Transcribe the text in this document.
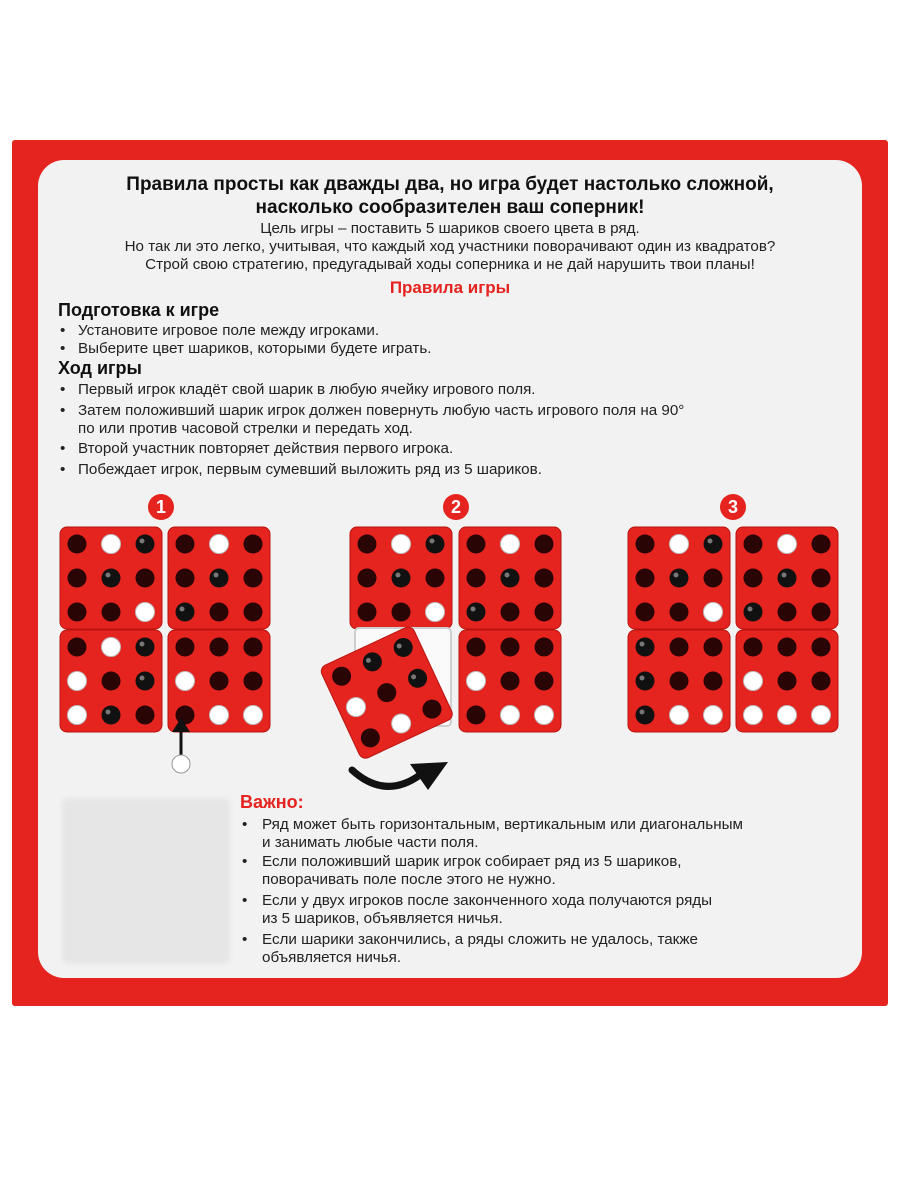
Правила просты как дважды два, но игра будет настолько сложной,
насколько сообразителен ваш соперник!
Цель игры – поставить 5 шариков своего цвета в ряд.
Но так ли это легко, учитывая, что каждый ход участники поворачивают один из квадратов?
Строй свою стратегию, предугадывай ходы соперника и не дай нарушить твои планы!
Правила игры
Подготовка к игре
• Установите игровое поле между игроками.
• Выберите цвет шариков, которыми будете играть.
Ход игры
• Первый игрок кладёт свой шарик в любую ячейку игрового поля.
• Затем положивший шарик игрок должен повернуть любую часть игрового поля на 90°
по или против часовой стрелки и передать ход.
• Второй участник повторяет действия первого игрока.
• Побеждает игрок, первым сумевший выложить ряд из 5 шариков.
1	2	3
Важно:
• Ряд может быть горизонтальным, вертикальным или диагональным
и занимать любые части поля.
• Если положивший шарик игрок собирает ряд из 5 шариков,
поворачивать поле после этого не нужно.
• Если у двух игроков после законченного хода получаются ряды
из 5 шариков, объявляется ничья.
• Если шарики закончились, а ряды сложить не удалось, также
объявляется ничья.
